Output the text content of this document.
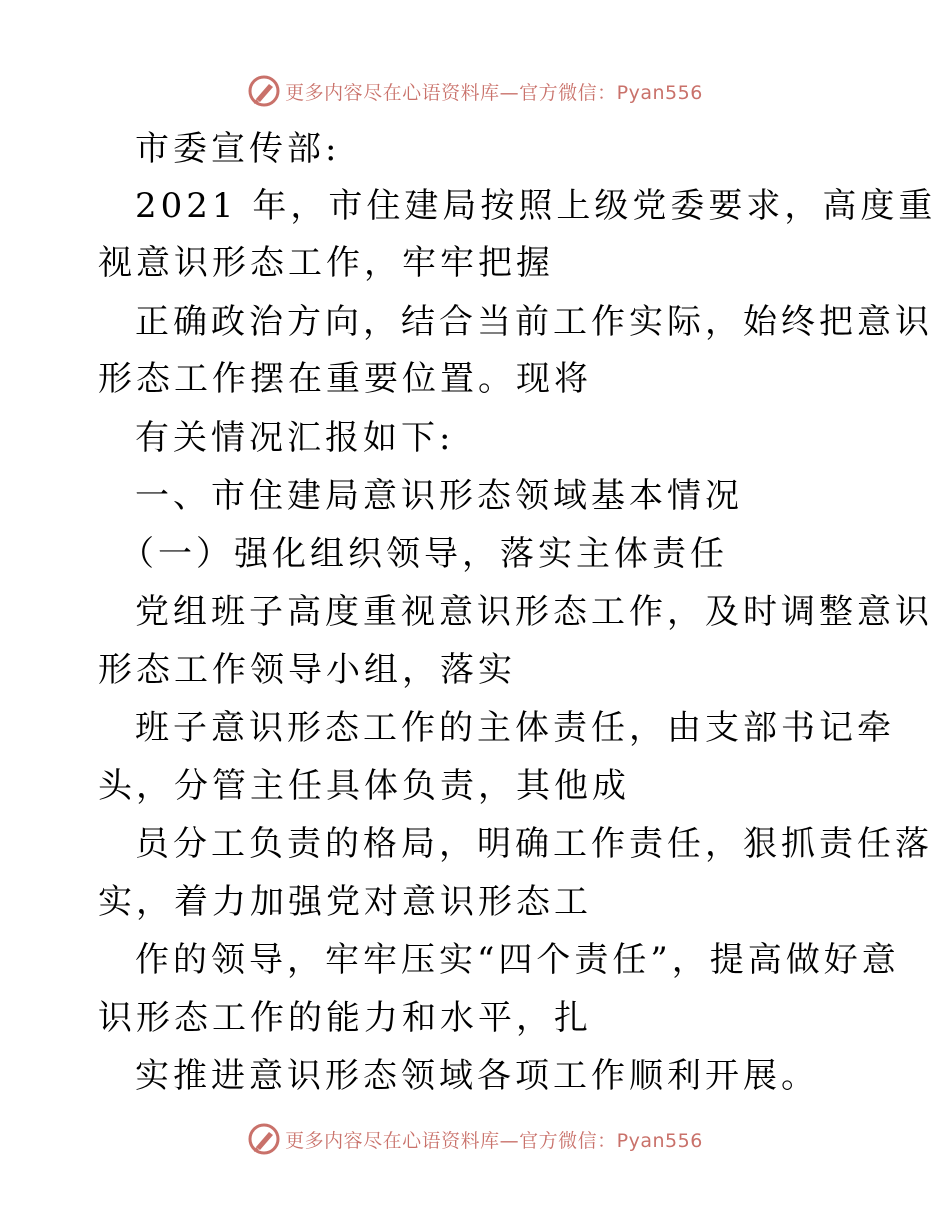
更多内容尽在心语资料库—官方微信：Pyan556
市委宣传部:
2021 年，市住建局按照上级党委要求，高度重
视意识形态工作，牢牢把握
正确政治方向，结合当前工作实际，始终把意识
形态工作摆在重要位置。现将
有关情况汇报如下:
一、市住建局意识形态领域基本情况
（一）强化组织领导，落实主体责任
党组班子高度重视意识形态工作，及时调整意识
形态工作领导小组，落实
班子意识形态工作的主体责任，由支部书记牵
头，分管主任具体负责，其他成
员分工负责的格局，明确工作责任，狠抓责任落
实，着力加强党对意识形态工
作的领导，牢牢压实“四个责任”，提高做好意
识形态工作的能力和水平，扎
实推进意识形态领域各项工作顺利开展。
更多内容尽在心语资料库—官方微信：Pyan556
